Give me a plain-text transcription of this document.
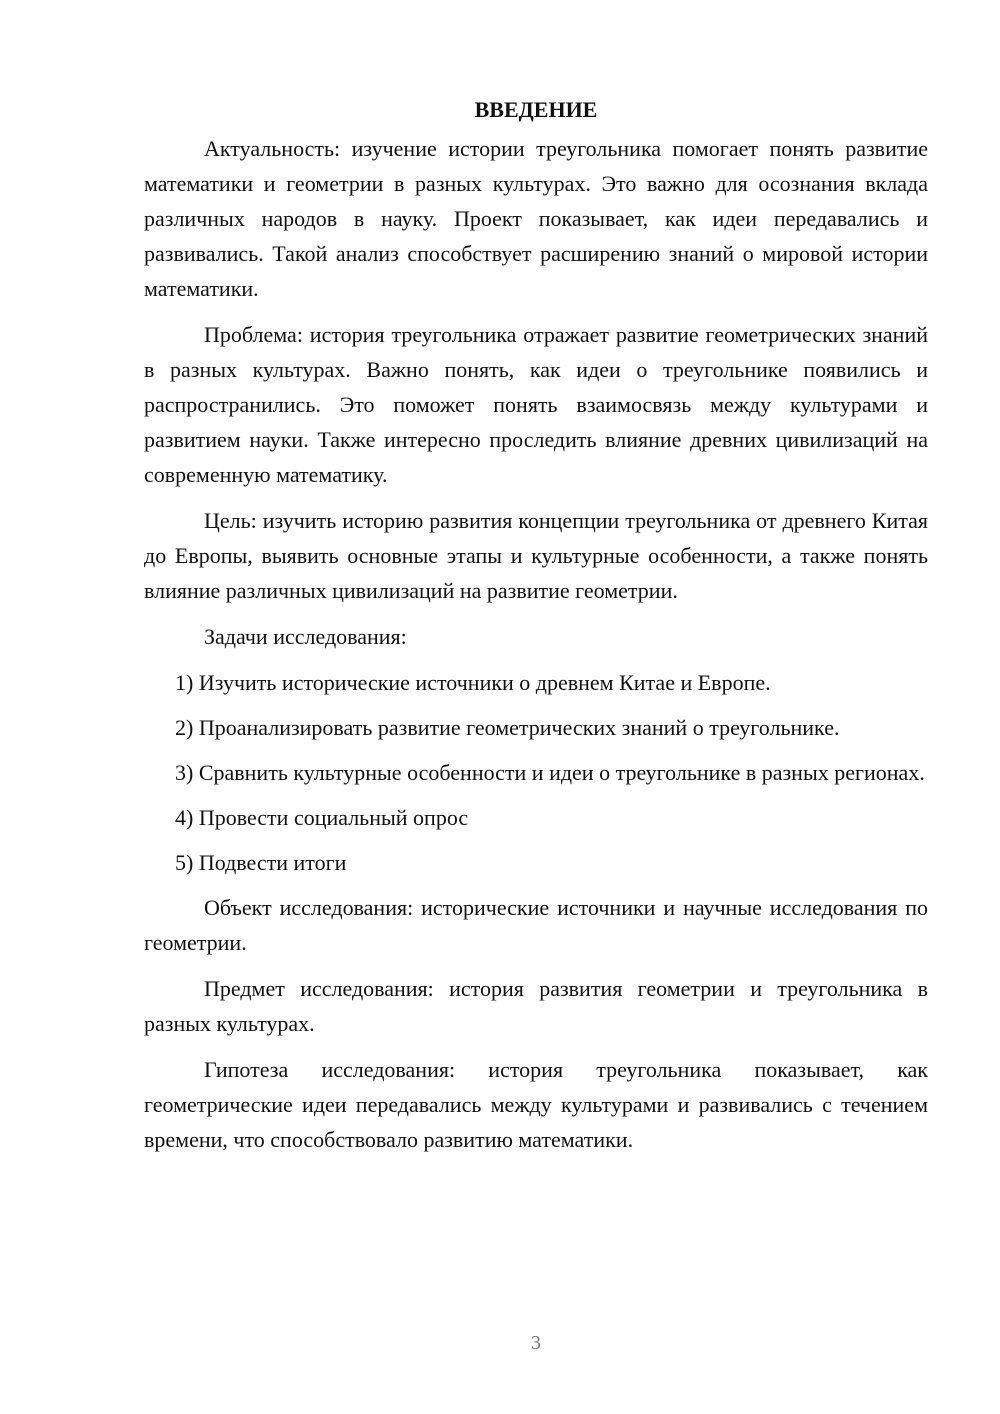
ВВЕДЕНИЕ

Актуальность: изучение истории треугольника помогает понять развитие математики и геометрии в разных культурах. Это важно для осознания вклада различных народов в науку. Проект показывает, как идеи передавались и развивались. Такой анализ способствует расширению знаний о мировой истории математики.

Проблема: история треугольника отражает развитие геометрических знаний в разных культурах. Важно понять, как идеи о треугольнике появились и распространились. Это поможет понять взаимосвязь между культурами и развитием науки. Также интересно проследить влияние древних цивилизаций на современную математику.

Цель: изучить историю развития концепции треугольника от древнего Китая до Европы, выявить основные этапы и культурные особенности, а также понять влияние различных цивилизаций на развитие геометрии.

Задачи исследования:

1) Изучить исторические источники о древнем Китае и Европе.

2) Проанализировать развитие геометрических знаний о треугольнике.

3) Сравнить культурные особенности и идеи о треугольнике в разных регионах.

4) Провести социальный опрос

5) Подвести итоги

Объект исследования: исторические источники и научные исследования по геометрии.

Предмет исследования: история развития геометрии и треугольника в разных культурах.

Гипотеза исследования: история треугольника показывает, как геометрические идеи передавались между культурами и развивались с течением времени, что способствовало развитию математики.

3
